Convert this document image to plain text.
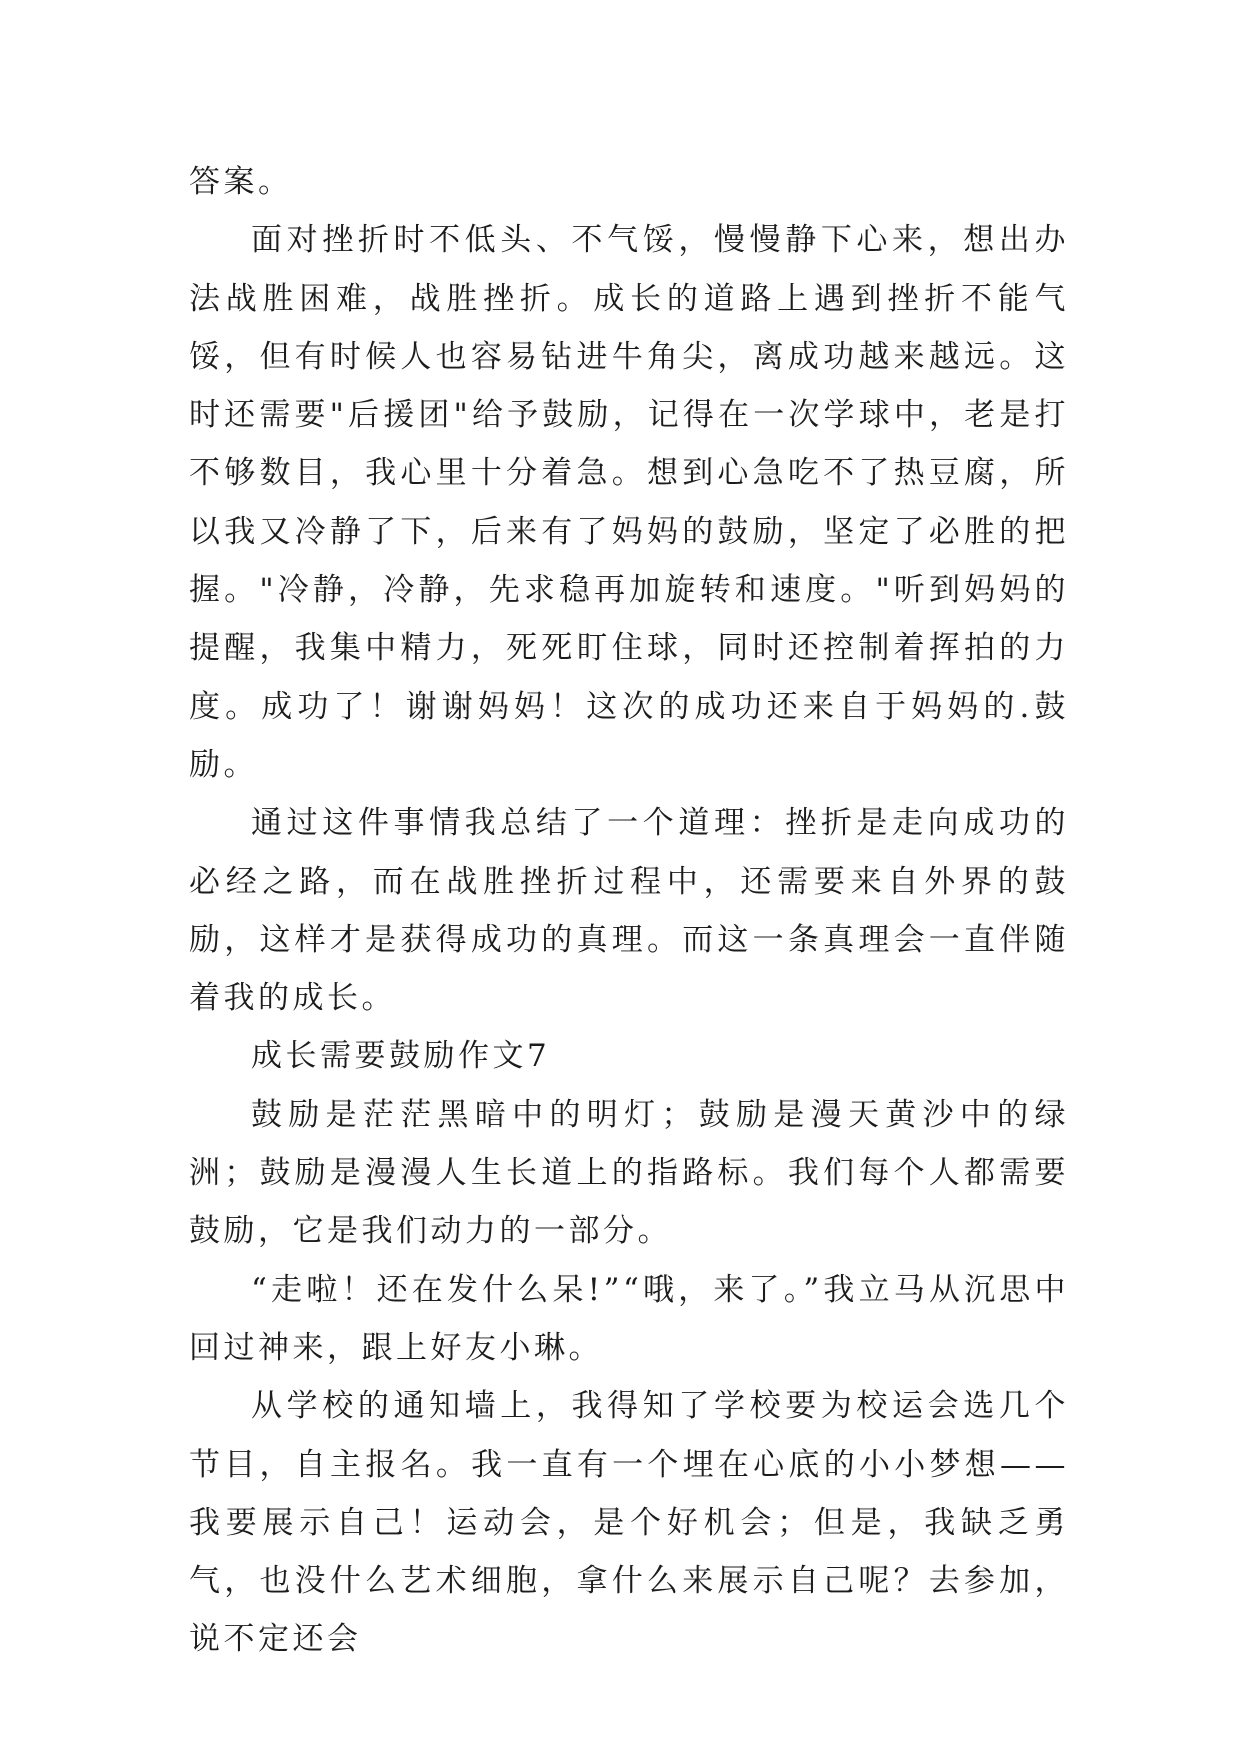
答案。

面对挫折时不低头、不气馁，慢慢静下心来，想出办法战胜困难，战胜挫折。成长的道路上遇到挫折不能气馁，但有时候人也容易钻进牛角尖，离成功越来越远。这时还需要"后援团"给予鼓励，记得在一次学球中，老是打不够数目，我心里十分着急。想到心急吃不了热豆腐，所以我又冷静了下，后来有了妈妈的鼓励，坚定了必胜的把握。"冷静，冷静，先求稳再加旋转和速度。"听到妈妈的提醒，我集中精力，死死盯住球，同时还控制着挥拍的力度。成功了！谢谢妈妈！这次的成功还来自于妈妈的.鼓励。

通过这件事情我总结了一个道理：挫折是走向成功的必经之路，而在战胜挫折过程中，还需要来自外界的鼓励，这样才是获得成功的真理。而这一条真理会一直伴随着我的成长。

成长需要鼓励作文7

鼓励是茫茫黑暗中的明灯；鼓励是漫天黄沙中的绿洲；鼓励是漫漫人生长道上的指路标。我们每个人都需要鼓励，它是我们动力的一部分。

“走啦！还在发什么呆!”“哦，来了。”我立马从沉思中回过神来，跟上好友小琳。

从学校的通知墙上，我得知了学校要为校运会选几个节目，自主报名。我一直有一个埋在心底的小小梦想——我要展示自己！运动会，是个好机会；但是，我缺乏勇气，也没什么艺术细胞，拿什么来展示自己呢？去参加，说不定还会
